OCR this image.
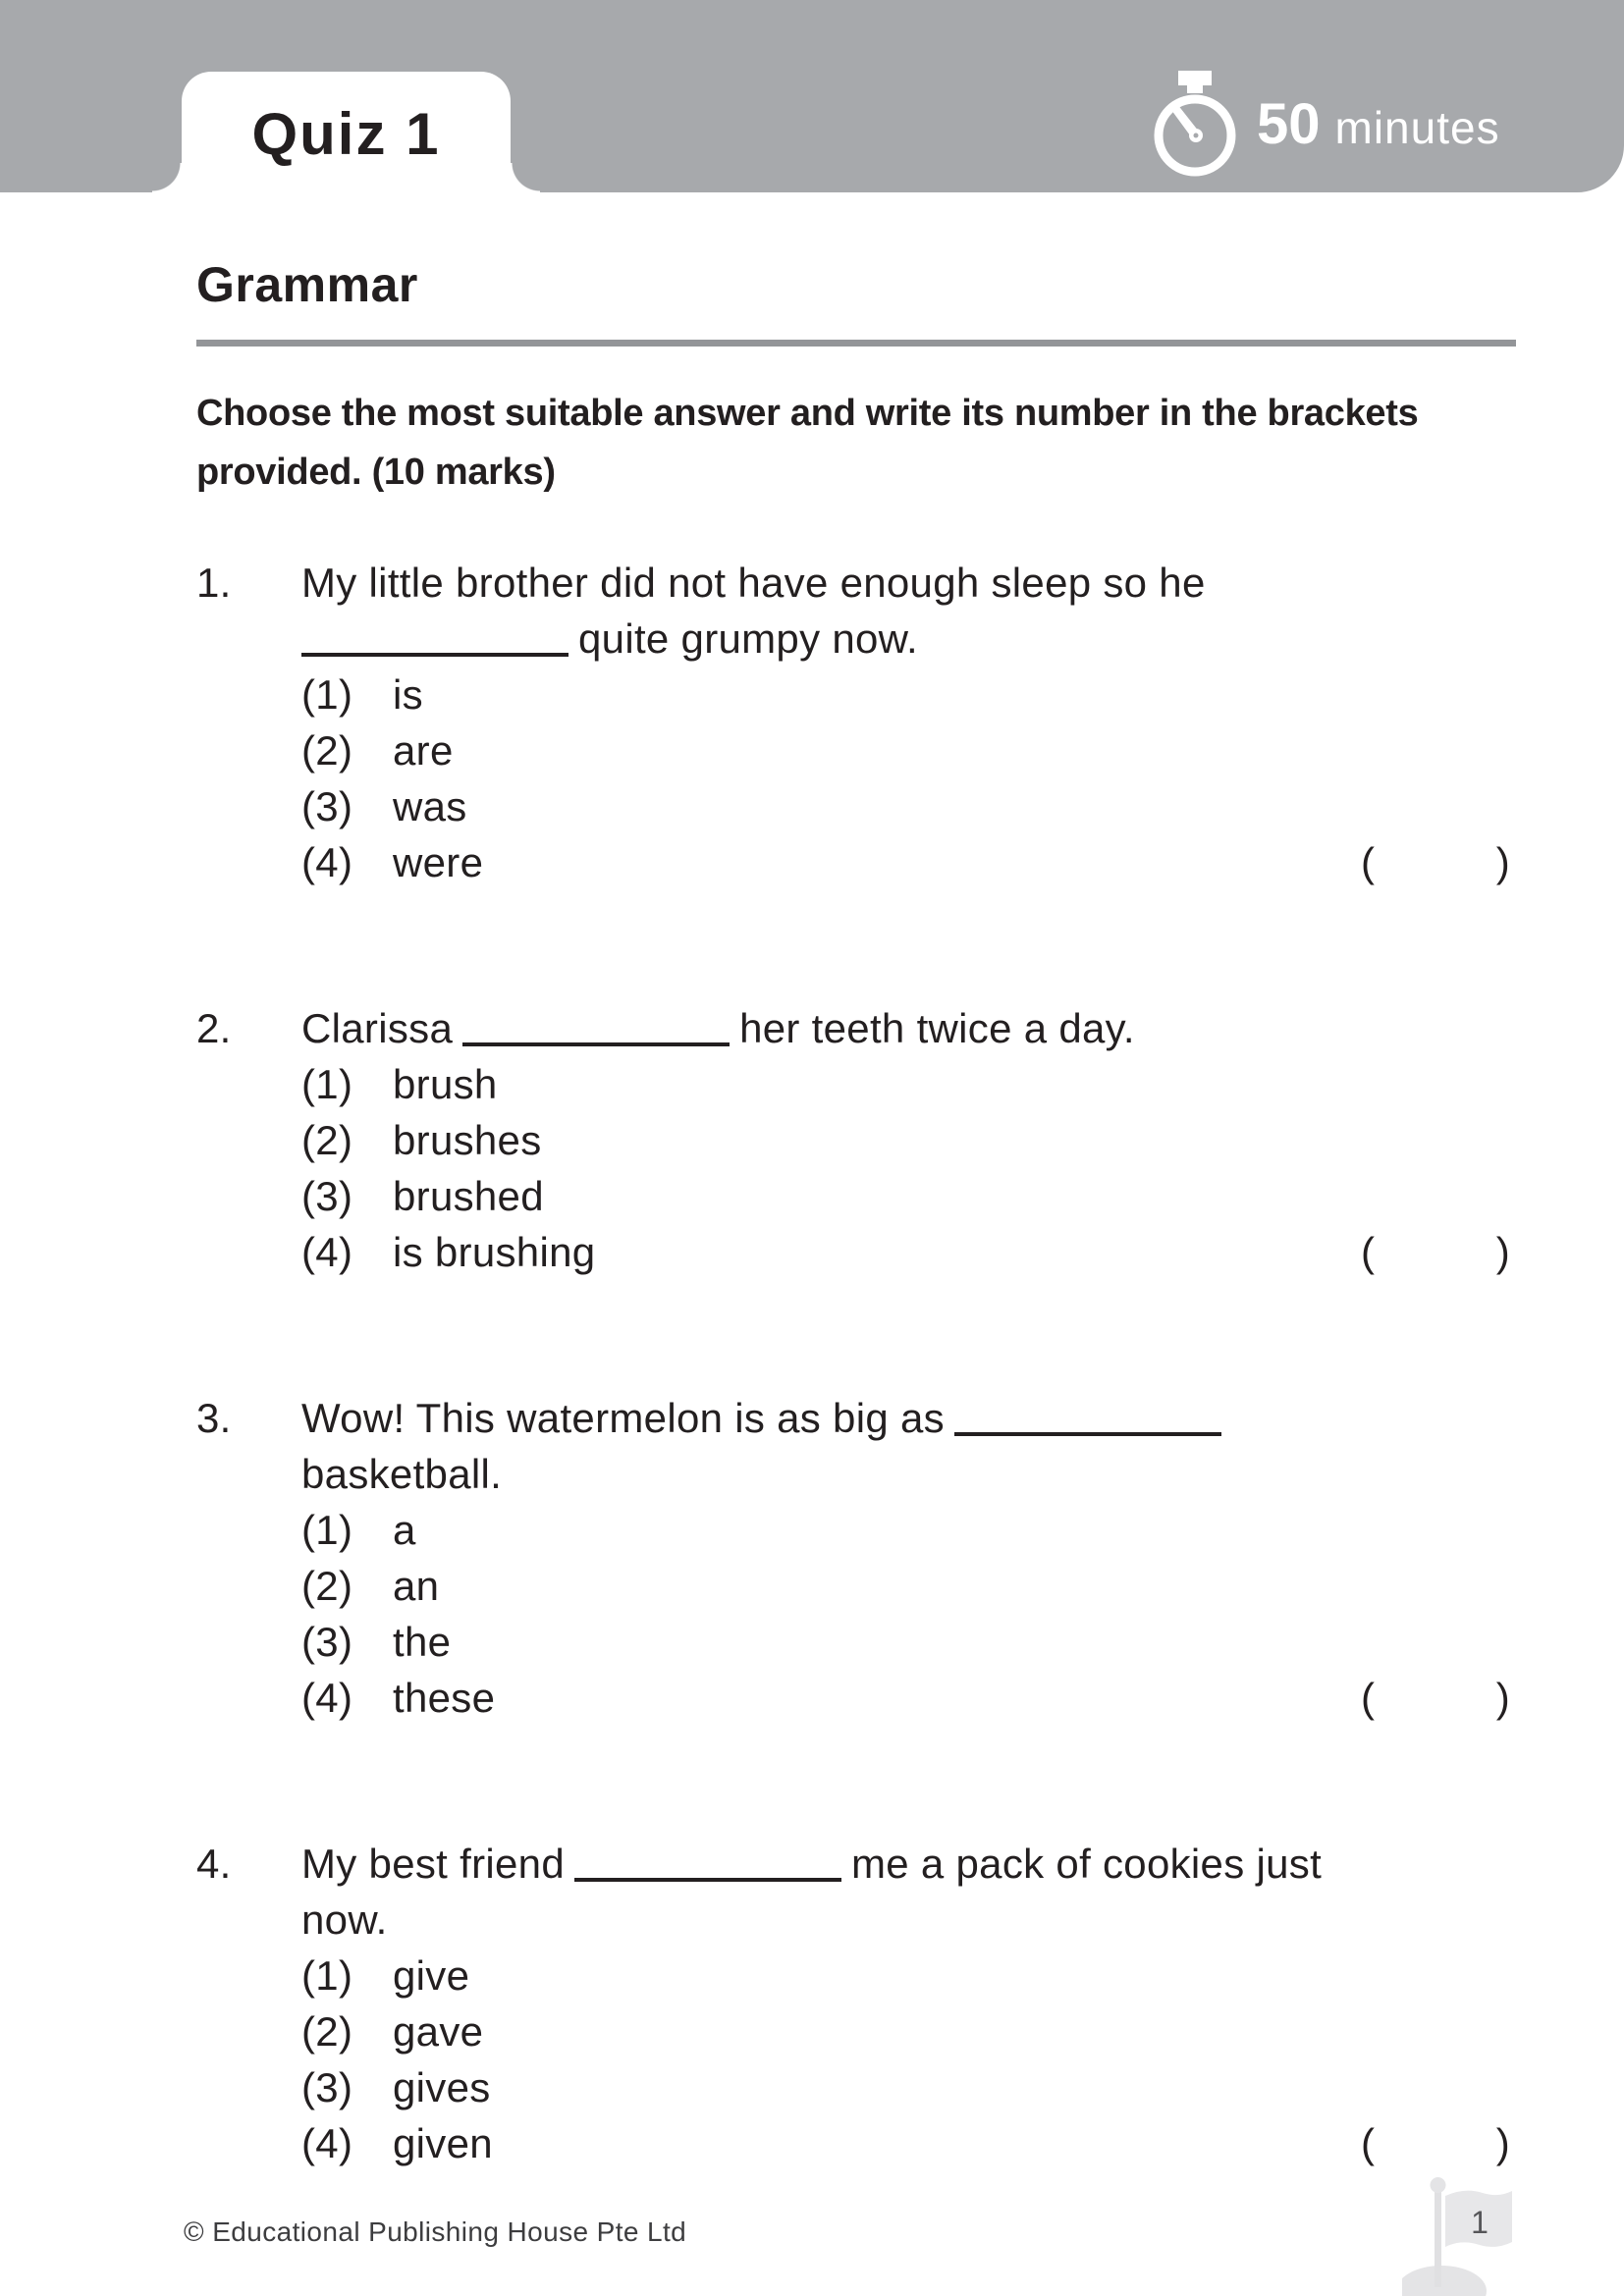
Quiz 1	50 minutes
Grammar

Choose the most suitable answer and write its number in the brackets
provided. (10 marks)

1.	My little brother did not have enough sleep so he
quite grumpy now.
(1) is
(2) are
(3) was
(4) were	(	)
2.	Clarissa	her teeth twice a day.
(1) brush
(2) brushes
(3) brushed
(4) is brushing	(	)
3.	Wow! This watermelon is as big as
basketball.
(1) a
(2) an
(3) the
(4) these	(	)
4.	My best friend	me a pack of cookies just
now.
(1) give
(2) gave
(3) gives
(4) given	(	)
© Educational Publishing House Pte Ltd	1
